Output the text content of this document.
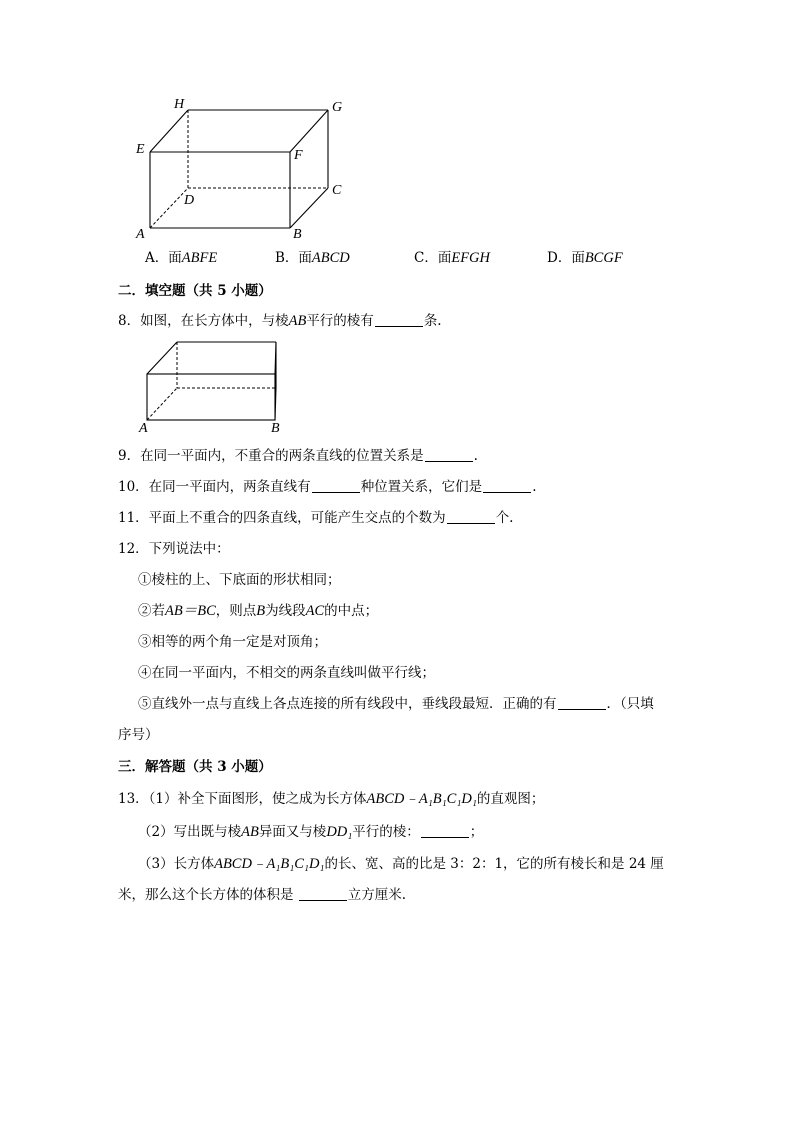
H	G
E	F
D
C
A	B
A．面ABFE	B．面ABCD	C．面EFGH	D．面BCGF
二．填空题（共 5 小题）
8．如图，在长方体中，与棱AB平行的棱有	条.
A	B
9．在同一平面内，不重合的两条直线的位置关系是	.
10．在同一平面内，两条直线有	种位置关系，它们是	.
11．平面上不重合的四条直线，可能产生交点的个数为	个.
12．下列说法中：
①棱柱的上、下底面的形状相同；
②若AB＝BC，则点B为线段AC的中点；
③相等的两个角一定是对顶角；
④在同一平面内，不相交的两条直线叫做平行线；
⑤直线外一点与直线上各点连接的所有线段中，垂线段最短．正确的有	．（只填
序号）
三．解答题（共 3 小题）
13．（1）补全下面图形，使之成为长方体ABCD﹣A₁B₁C₁D₁的直观图；
（2）写出既与棱AB异面又与棱DD₁平行的棱：	；
（3）长方体ABCD﹣A₁B₁C₁D₁的长、宽、高的比是 3：2：1，它的所有棱长和是 24 厘
米，那么这个长方体的体积是	立方厘米.
